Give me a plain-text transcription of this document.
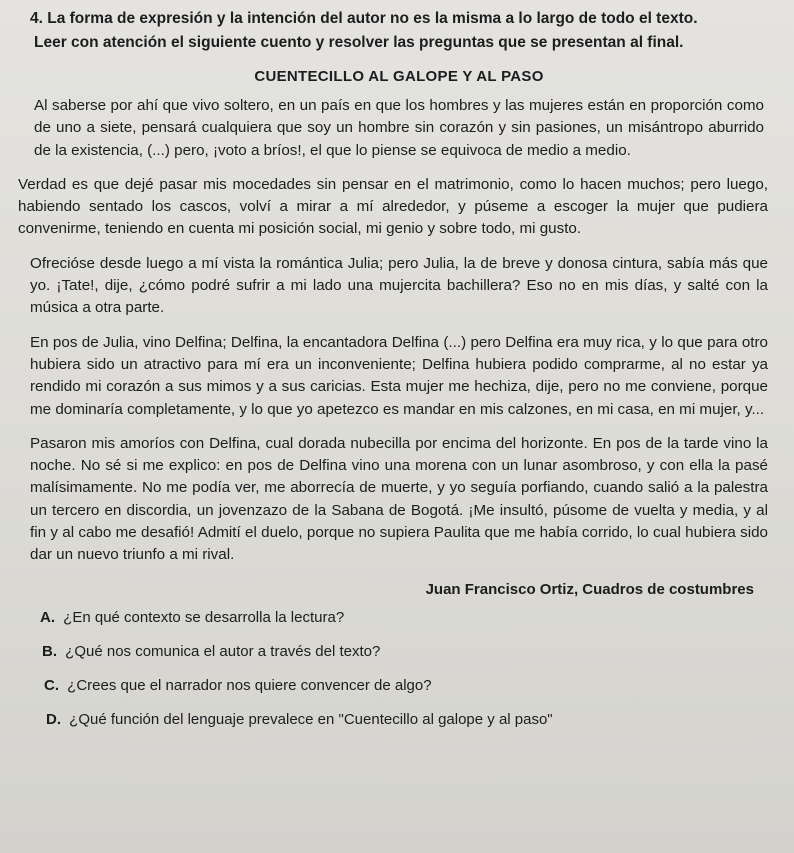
4. La forma de expresión y la intención del autor no es la misma a lo largo de todo el texto.

Leer con atención el siguiente cuento y resolver las preguntas que se presentan al final.

CUENTECILLO AL GALOPE Y AL PASO

Al saberse por ahí que vivo soltero, en un país en que los hombres y las mujeres están en proporción como de uno a siete, pensará cualquiera que soy un hombre sin corazón y sin pasiones, un misántropo aburrido de la existencia, (...) pero, ¡voto a bríos!, el que lo piense se equivoca de medio a medio.

Verdad es que dejé pasar mis mocedades sin pensar en el matrimonio, como lo hacen muchos; pero luego, habiendo sentado los cascos, volví a mirar a mí alrededor, y púseme a escoger la mujer que pudiera convenirme, teniendo en cuenta mi posición social, mi genio y sobre todo, mi gusto.

Ofrecióse desde luego a mí vista la romántica Julia; pero Julia, la de breve y donosa cintura, sabía más que yo. ¡Tate!, dije, ¿cómo podré sufrir a mi lado una mujercita bachillera? Eso no en mis días, y salté con la música a otra parte.

En pos de Julia, vino Delfina; Delfina, la encantadora Delfina (...) pero Delfina era muy rica, y lo que para otro hubiera sido un atractivo para mí era un inconveniente; Delfina hubiera podido comprarme, al no estar ya rendido mi corazón a sus mimos y a sus caricias. Esta mujer me hechiza, dije, pero no me conviene, porque me dominaría completamente, y lo que yo apetezco es mandar en mis calzones, en mi casa, en mi mujer, y...

Pasaron mis amoríos con Delfina, cual dorada nubecilla por encima del horizonte. En pos de la tarde vino la noche. No sé si me explico: en pos de Delfina vino una morena con un lunar asombroso, y con ella la pasé malísimamente. No me podía ver, me aborrecía de muerte, y yo seguía porfiando, cuando salió a la palestra un tercero en discordia, un jovenzazo de la Sabana de Bogotá. ¡Me insultó, púsome de vuelta y media, y al fin y al cabo me desafió! Admití el duelo, porque no supiera Paulita que me había corrido, lo cual hubiera sido dar un nuevo triunfo a mi rival.

Juan Francisco Ortiz, Cuadros de costumbres
A. ¿En qué contexto se desarrolla la lectura?
B. ¿Qué nos comunica el autor a través del texto?
C. ¿Crees que el narrador nos quiere convencer de algo?
D. ¿Qué función del lenguaje prevalece en "Cuentecillo al galope y al paso"
